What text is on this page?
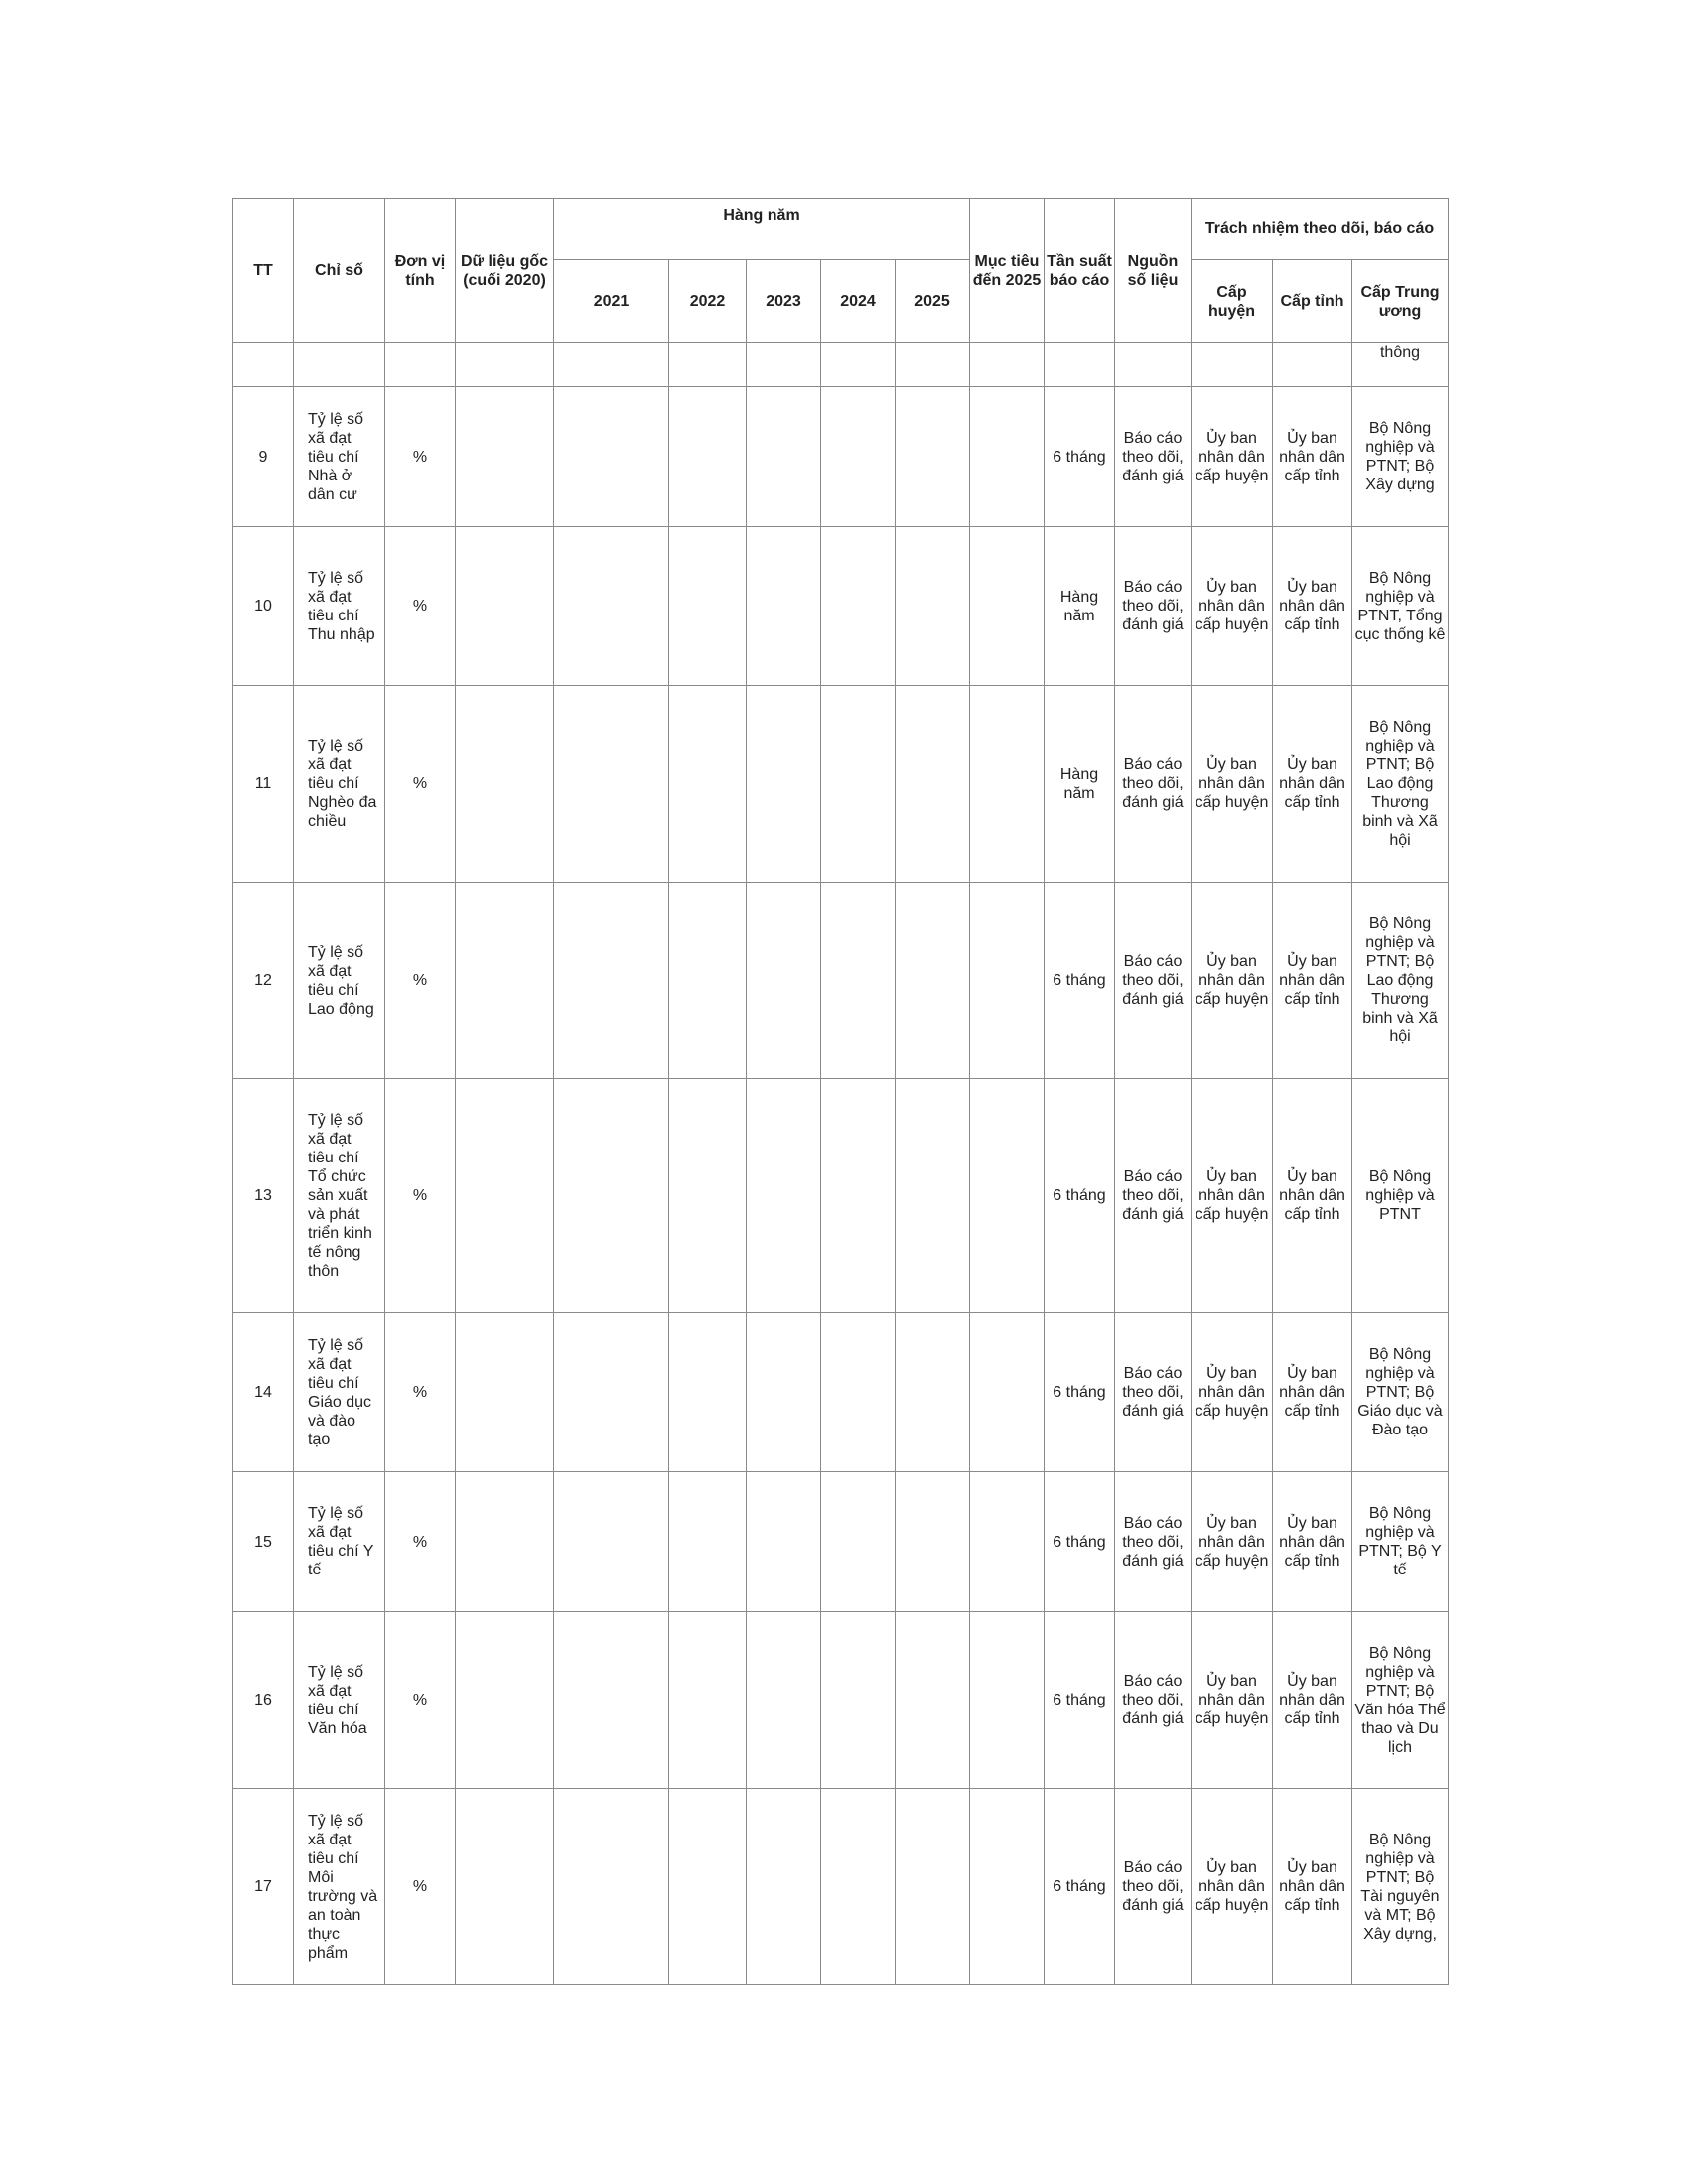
TT	Chỉ số	Đơn vị tính	Dữ liệu gốc (cuối 2020)	Hàng năm					Mục tiêu đến 2025	Tần suất báo cáo	Nguồn số liệu	Trách nhiệm theo dõi, báo cáo		
				2021	2022	2023	2024	2025				Cấp huyện	Cấp tỉnh	Cấp Trung ương
														thông
9	Tỷ lệ số xã đạt tiêu chí Nhà ở dân cư	%								6 tháng	Báo cáo theo dõi, đánh giá	Ủy ban nhân dân cấp huyện	Ủy ban nhân dân cấp tỉnh	Bộ Nông nghiệp và PTNT; Bộ Xây dựng
10	Tỷ lệ số xã đạt tiêu chí Thu nhập	%								Hàng năm	Báo cáo theo dõi, đánh giá	Ủy ban nhân dân cấp huyện	Ủy ban nhân dân cấp tỉnh	Bộ Nông nghiệp và PTNT, Tổng cục thống kê
11	Tỷ lệ số xã đạt tiêu chí Nghèo đa chiều	%								Hàng năm	Báo cáo theo dõi, đánh giá	Ủy ban nhân dân cấp huyện	Ủy ban nhân dân cấp tỉnh	Bộ Nông nghiệp và PTNT; Bộ Lao động Thương binh và Xã hội
12	Tỷ lệ số xã đạt tiêu chí Lao động	%								6 tháng	Báo cáo theo dõi, đánh giá	Ủy ban nhân dân cấp huyện	Ủy ban nhân dân cấp tỉnh	Bộ Nông nghiệp và PTNT; Bộ Lao động Thương binh và Xã hội
13	Tỷ lệ số xã đạt tiêu chí Tổ chức sản xuất và phát triển kinh tế nông thôn	%								6 tháng	Báo cáo theo dõi, đánh giá	Ủy ban nhân dân cấp huyện	Ủy ban nhân dân cấp tỉnh	Bộ Nông nghiệp và PTNT
14	Tỷ lệ số xã đạt tiêu chí Giáo dục và đào tạo	%								6 tháng	Báo cáo theo dõi, đánh giá	Ủy ban nhân dân cấp huyện	Ủy ban nhân dân cấp tỉnh	Bộ Nông nghiệp và PTNT; Bộ Giáo dục và Đào tạo
15	Tỷ lệ số xã đạt tiêu chí Y tế	%								6 tháng	Báo cáo theo dõi, đánh giá	Ủy ban nhân dân cấp huyện	Ủy ban nhân dân cấp tỉnh	Bộ Nông nghiệp và PTNT; Bộ Y tế
16	Tỷ lệ số xã đạt tiêu chí Văn hóa	%								6 tháng	Báo cáo theo dõi, đánh giá	Ủy ban nhân dân cấp huyện	Ủy ban nhân dân cấp tỉnh	Bộ Nông nghiệp và PTNT; Bộ Văn hóa Thể thao và Du lịch
17	Tỷ lệ số xã đạt tiêu chí Môi trường và an toàn thực phẩm	%								6 tháng	Báo cáo theo dõi, đánh giá	Ủy ban nhân dân cấp huyện	Ủy ban nhân dân cấp tỉnh	Bộ Nông nghiệp và PTNT; Bộ Tài nguyên và MT; Bộ Xây dựng,
